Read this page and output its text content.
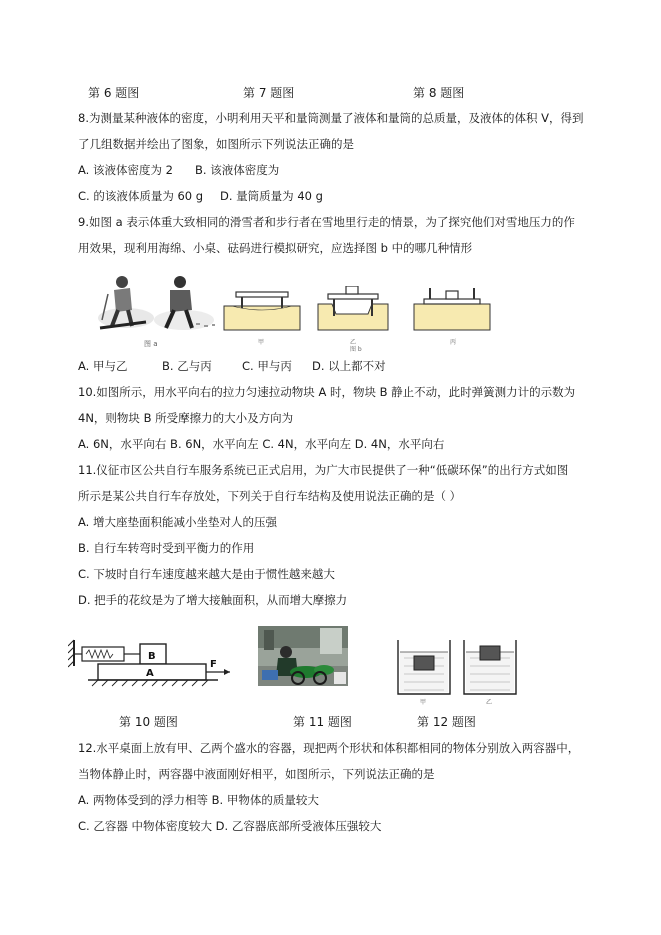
第 6 题图	第 7 题图	第 8 题图
8.为测量某种液体的密度，小明利用天平和量筒测量了液体和量筒的总质量，及液体的体积 V，得到
了几组数据并绘出了图象，如图所示下列说法正确的是
A. 该液体密度为 2 B. 该液体密度为
C. 的该液体质量为 60 g D. 量筒质量为 40 g
9.如图 a 表示体重大致相同的滑雪者和步行者在雪地里行走的情景，为了探究他们对雪地压力的作
用效果，现利用海绵、小桌、砝码进行模拟研究，应选择图 b 中的哪几种情形
图 a	甲	乙	丙
图 b
A. 甲与乙	B. 乙与丙	C. 甲与丙 D. 以上都不对
10.如图所示，用水平向右的拉力匀速拉动物块 A 时，物块 B 静止不动，此时弹簧测力计的示数为
4N，则物块 B 所受摩擦力的大小及方向为
A. 6N，水平向右 B. 6N，水平向左 C. 4N，水平向左 D. 4N，水平向右
11.仪征市区公共自行车服务系统已正式启用，为广大市民提供了一种“低碳环保”的出行方式如图
所示是某公共自行车存放处，下列关于自行车结构及使用说法正确的是（ ）
A. 增大座垫面积能减小坐垫对人的压强
B. 自行车转弯时受到平衡力的作用
C. 下坡时自行车速度越来越大是由于惯性越来越大
D. 把手的花纹是为了增大接触面积，从而增大摩擦力
B
A
F
甲	乙
第 10 题图	第 11 题图	第 12 题图
12.水平桌面上放有甲、乙两个盛水的容器，现把两个形状和体积都相同的物体分别放入两容器中，
当物体静止时，两容器中液面刚好相平，如图所示，下列说法正确的是
A. 两物体受到的浮力相等 B. 甲物体的质量较大
C. 乙容器 中物体密度较大 D. 乙容器底部所受液体压强较大
